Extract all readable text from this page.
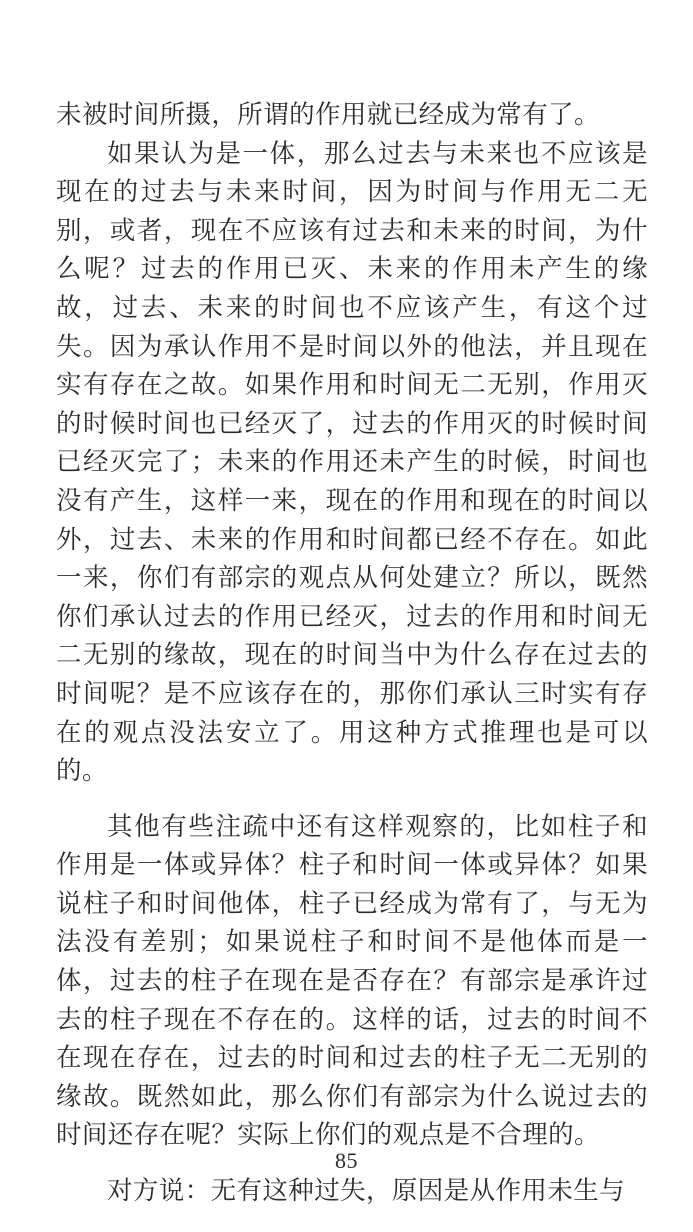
未被时间所摄，所谓的作用就已经成为常有了。

如果认为是一体，那么过去与未来也不应该是现在的过去与未来时间，因为时间与作用无二无别，或者，现在不应该有过去和未来的时间，为什么呢？过去的作用已灭、未来的作用未产生的缘故，过去、未来的时间也不应该产生，有这个过失。因为承认作用不是时间以外的他法，并且现在实有存在之故。如果作用和时间无二无别，作用灭的时候时间也已经灭了，过去的作用灭的时候时间已经灭完了；未来的作用还未产生的时候，时间也没有产生，这样一来，现在的作用和现在的时间以外，过去、未来的作用和时间都已经不存在。如此一来，你们有部宗的观点从何处建立？所以，既然你们承认过去的作用已经灭，过去的作用和时间无二无别的缘故，现在的时间当中为什么存在过去的时间呢？是不应该存在的，那你们承认三时实有存在的观点没法安立了。用这种方式推理也是可以的。

其他有些注疏中还有这样观察的，比如柱子和作用是一体或异体？柱子和时间一体或异体？如果说柱子和时间他体，柱子已经成为常有了，与无为法没有差别；如果说柱子和时间不是他体而是一体，过去的柱子在现在是否存在？有部宗是承许过去的柱子现在不存在的。这样的话，过去的时间不在现在存在，过去的时间和过去的柱子无二无别的缘故。既然如此，那么你们有部宗为什么说过去的时间还存在呢？实际上你们的观点是不合理的。

对方说：无有这种过失，原因是从作用未生与

85
